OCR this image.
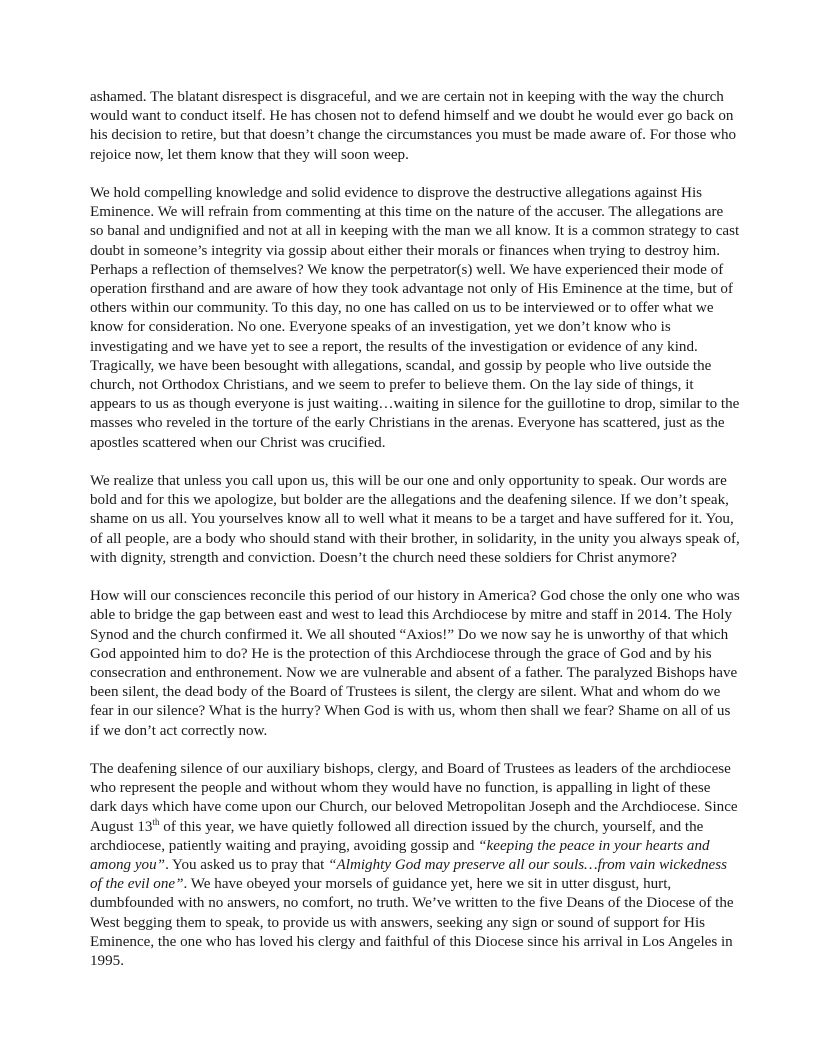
ashamed. The blatant disrespect is disgraceful, and we are certain not in keeping with the way the church would want to conduct itself. He has chosen not to defend himself and we doubt he would ever go back on his decision to retire, but that doesn’t change the circumstances you must be made aware of. For those who rejoice now, let them know that they will soon weep.

We hold compelling knowledge and solid evidence to disprove the destructive allegations against His Eminence. We will refrain from commenting at this time on the nature of the accuser. The allegations are so banal and undignified and not at all in keeping with the man we all know. It is a common strategy to cast doubt in someone’s integrity via gossip about either their morals or finances when trying to destroy him. Perhaps a reflection of themselves? We know the perpetrator(s) well. We have experienced their mode of operation firsthand and are aware of how they took advantage not only of His Eminence at the time, but of others within our community. To this day, no one has called on us to be interviewed or to offer what we know for consideration. No one. Everyone speaks of an investigation, yet we don’t know who is investigating and we have yet to see a report, the results of the investigation or evidence of any kind. Tragically, we have been besought with allegations, scandal, and gossip by people who live outside the church, not Orthodox Christians, and we seem to prefer to believe them. On the lay side of things, it appears to us as though everyone is just waiting…waiting in silence for the guillotine to drop, similar to the masses who reveled in the torture of the early Christians in the arenas. Everyone has scattered, just as the apostles scattered when our Christ was crucified.

We realize that unless you call upon us, this will be our one and only opportunity to speak. Our words are bold and for this we apologize, but bolder are the allegations and the deafening silence. If we don’t speak, shame on us all. You yourselves know all to well what it means to be a target and have suffered for it. You, of all people, are a body who should stand with their brother, in solidarity, in the unity you always speak of, with dignity, strength and conviction. Doesn’t the church need these soldiers for Christ anymore?

How will our consciences reconcile this period of our history in America? God chose the only one who was able to bridge the gap between east and west to lead this Archdiocese by mitre and staff in 2014. The Holy Synod and the church confirmed it. We all shouted “Axios!” Do we now say he is unworthy of that which God appointed him to do? He is the protection of this Archdiocese through the grace of God and by his consecration and enthronement. Now we are vulnerable and absent of a father. The paralyzed Bishops have been silent, the dead body of the Board of Trustees is silent, the clergy are silent. What and whom do we fear in our silence? What is the hurry? When God is with us, whom then shall we fear? Shame on all of us if we don’t act correctly now.

The deafening silence of our auxiliary bishops, clergy, and Board of Trustees as leaders of the archdiocese who represent the people and without whom they would have no function, is appalling in light of these dark days which have come upon our Church, our beloved Metropolitan Joseph and the Archdiocese. Since August 13th of this year, we have quietly followed all direction issued by the church, yourself, and the archdiocese, patiently waiting and praying, avoiding gossip and “keeping the peace in your hearts and among you”. You asked us to pray that “Almighty God may preserve all our souls…from vain wickedness of the evil one”. We have obeyed your morsels of guidance yet, here we sit in utter disgust, hurt, dumbfounded with no answers, no comfort, no truth. We’ve written to the five Deans of the Diocese of the West begging them to speak, to provide us with answers, seeking any sign or sound of support for His Eminence, the one who has loved his clergy and faithful of this Diocese since his arrival in Los Angeles in 1995.
